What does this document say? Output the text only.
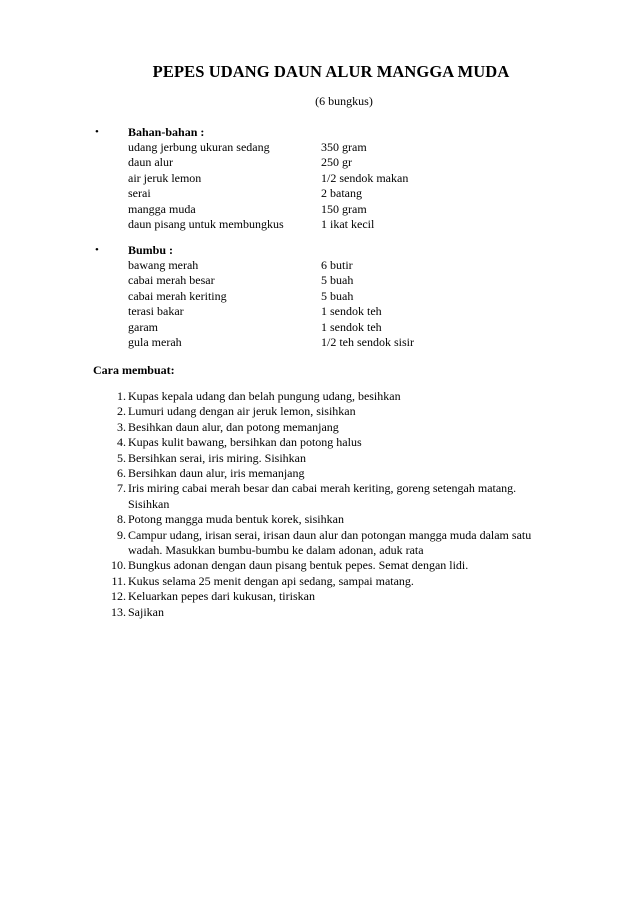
PEPES UDANG DAUN ALUR MANGGA MUDA
(6 bungkus)
• Bahan-bahan :
udang jerbung ukuran sedang	350 gram
daun alur	250 gr
air jeruk lemon	1/2 sendok makan
serai	2 batang
mangga muda	150 gram
daun pisang untuk membungkus	1 ikat kecil
• Bumbu :
bawang merah	6 butir
cabai merah besar	5 buah
cabai merah keriting	5 buah
terasi bakar	1 sendok teh
garam	1 sendok teh
gula merah	1/2 teh sendok sisir
Cara membuat:
1. Kupas kepala udang dan belah pungung udang, besihkan
2. Lumuri udang dengan air jeruk lemon, sisihkan
3. Besihkan daun alur, dan potong memanjang
4. Kupas kulit bawang, bersihkan dan potong halus
5. Bersihkan serai, iris miring. Sisihkan
6. Bersihkan daun alur, iris memanjang
7. Iris miring cabai merah besar dan cabai merah keriting, goreng setengah matang.
Sisihkan
8. Potong mangga muda bentuk korek, sisihkan
9. Campur udang, irisan serai, irisan daun alur dan potongan mangga muda dalam satu
wadah. Masukkan bumbu-bumbu ke dalam adonan, aduk rata
10. Bungkus adonan dengan daun pisang bentuk pepes. Semat dengan lidi.
11. Kukus selama 25 menit dengan api sedang, sampai matang.
12. Keluarkan pepes dari kukusan, tiriskan
13. Sajikan
